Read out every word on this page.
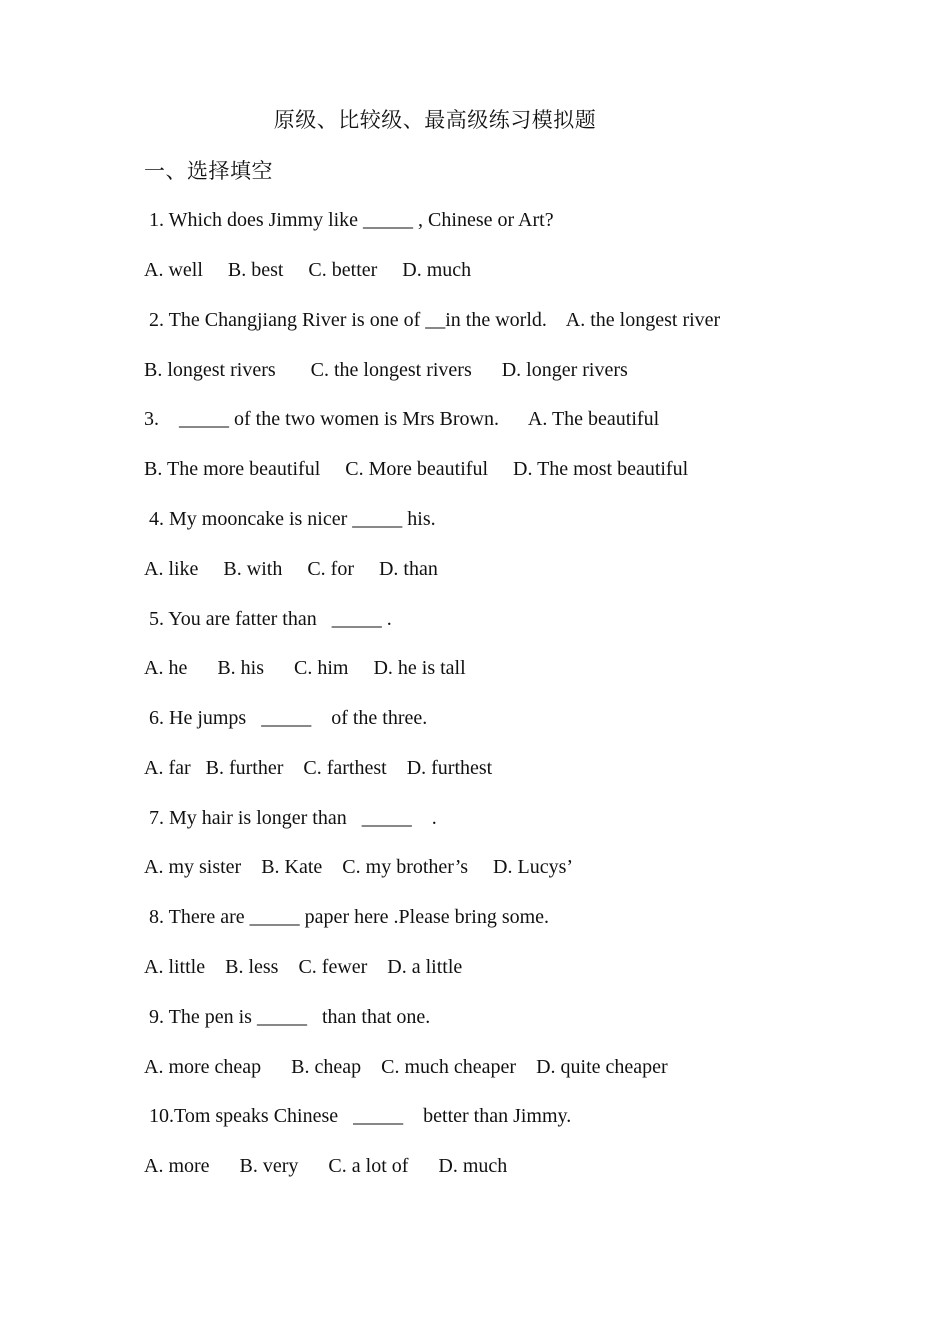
原级、比较级、最高级练习模拟题
一、选择填空
1. Which does Jimmy like _____ , Chinese or Art?
A. well     B. best     C. better     D. much
2. The Changjiang River is one of __in the world.    A. the longest river
B. longest rivers       C. the longest rivers      D. longer rivers
3.    _____ of the two women is Mrs Brown.      A. The beautiful
B. The more beautiful     C. More beautiful     D. The most beautiful
4. My mooncake is nicer _____ his.
A. like     B. with     C. for     D. than
5. You are fatter than   _____ .
A. he      B. his      C. him     D. he is tall
6. He jumps   _____    of the three.
A. far   B. further    C. farthest    D. furthest
7. My hair is longer than   _____    .
A. my sister    B. Kate    C. my brother’s     D. Lucys’
8. There are _____ paper here .Please bring some.
A. little    B. less    C. fewer    D. a little
9. The pen is _____   than that one.
A. more cheap      B. cheap    C. much cheaper    D. quite cheaper
10.Tom speaks Chinese   _____    better than Jimmy.
A. more      B. very      C. a lot of      D. much
